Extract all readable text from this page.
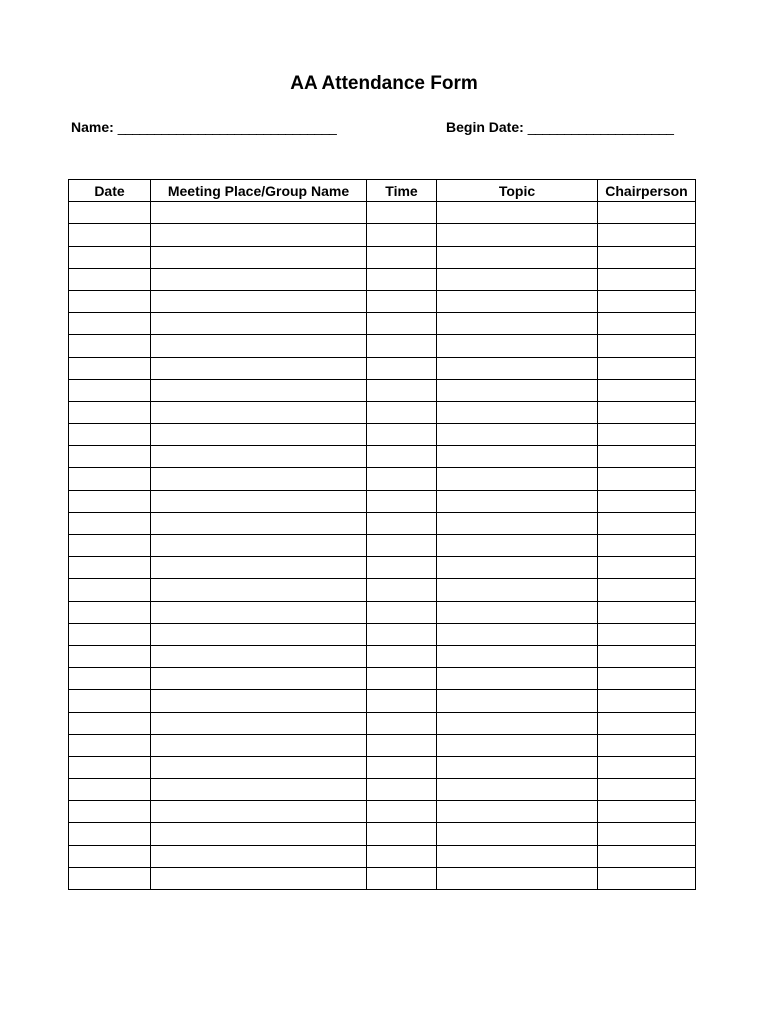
AA Attendance Form
Name: ______________________________	Begin Date: ____________________
Date	Meeting Place/Group Name	Time	Topic	Chairperson
